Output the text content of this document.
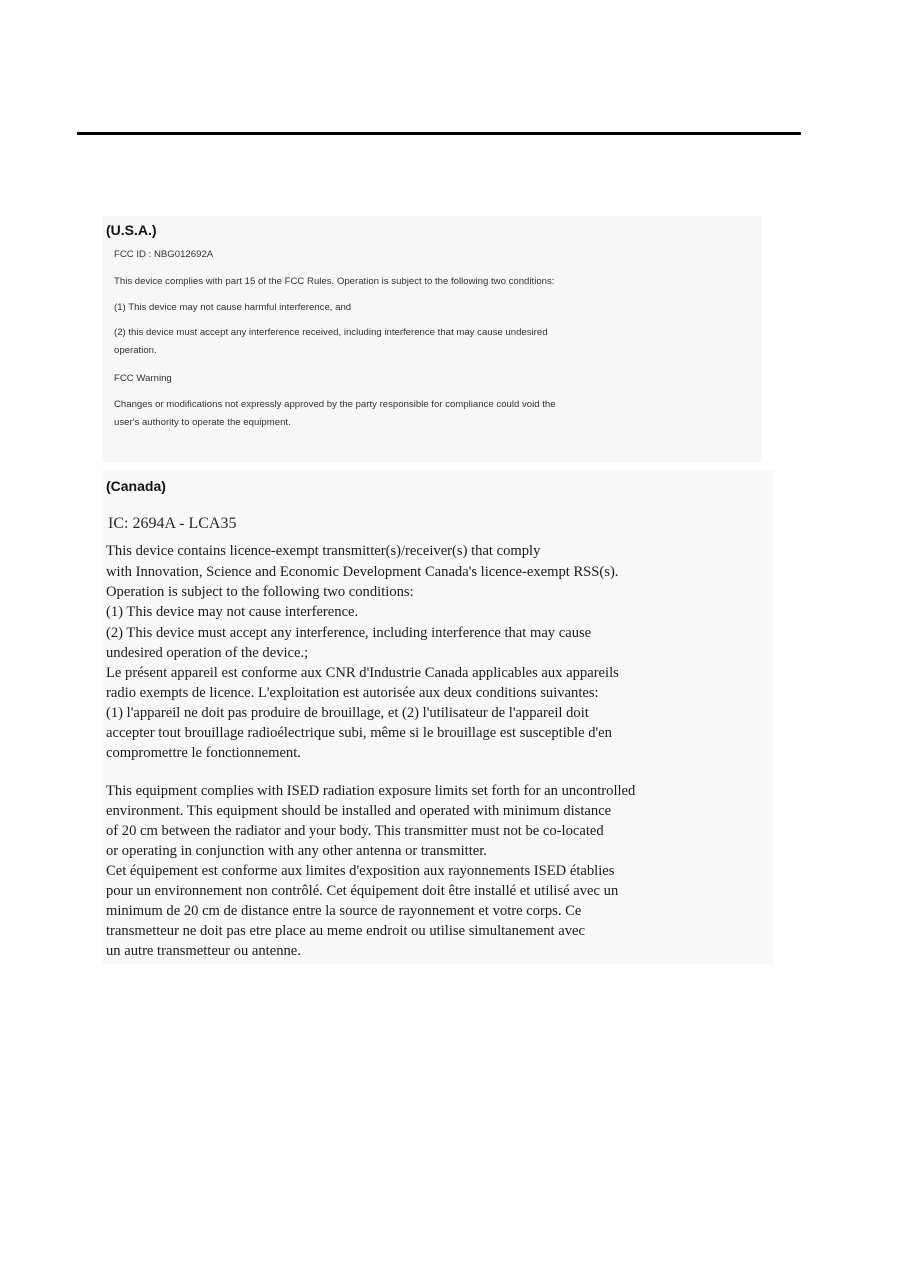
(U.S.A.)
FCC ID : NBG012692A
This device complies with part 15 of the FCC Rules. Operation is subject to the following two conditions:
(1) This device may not cause harmful interference, and
(2) this device must accept any interference received, including interference that may cause undesired
operation.
FCC Warning
Changes or modifications not expressly approved by the party responsible for compliance could void the
user's authority to operate the equipment.
(Canada)
IC: 2694A - LCA35
This device contains licence-exempt transmitter(s)/receiver(s) that comply
with Innovation, Science and Economic Development Canada's licence-exempt RSS(s).
Operation is subject to the following two conditions:
(1) This device may not cause interference.
(2) This device must accept any interference, including interference that may cause
undesired operation of the device.;
Le présent appareil est conforme aux CNR d'Industrie Canada applicables aux appareils
radio exempts de licence. L'exploitation est autorisée aux deux conditions suivantes:
(1) l'appareil ne doit pas produire de brouillage, et (2) l'utilisateur de l'appareil doit
accepter tout brouillage radioélectrique subi, même si le brouillage est susceptible d'en
compromettre le fonctionnement.
This equipment complies with ISED radiation exposure limits set forth for an uncontrolled
environment. This equipment should be installed and operated with minimum distance
of 20 cm between the radiator and your body. This transmitter must not be co-located
or operating in conjunction with any other antenna or transmitter.
Cet équipement est conforme aux limites d'exposition aux rayonnements ISED établies
pour un environnement non contrôlé. Cet équipement doit être installé et utilisé avec un
minimum de 20 cm de distance entre la source de rayonnement et votre corps. Ce
transmetteur ne doit pas etre place au meme endroit ou utilise simultanement avec
un autre transmetteur ou antenne.
